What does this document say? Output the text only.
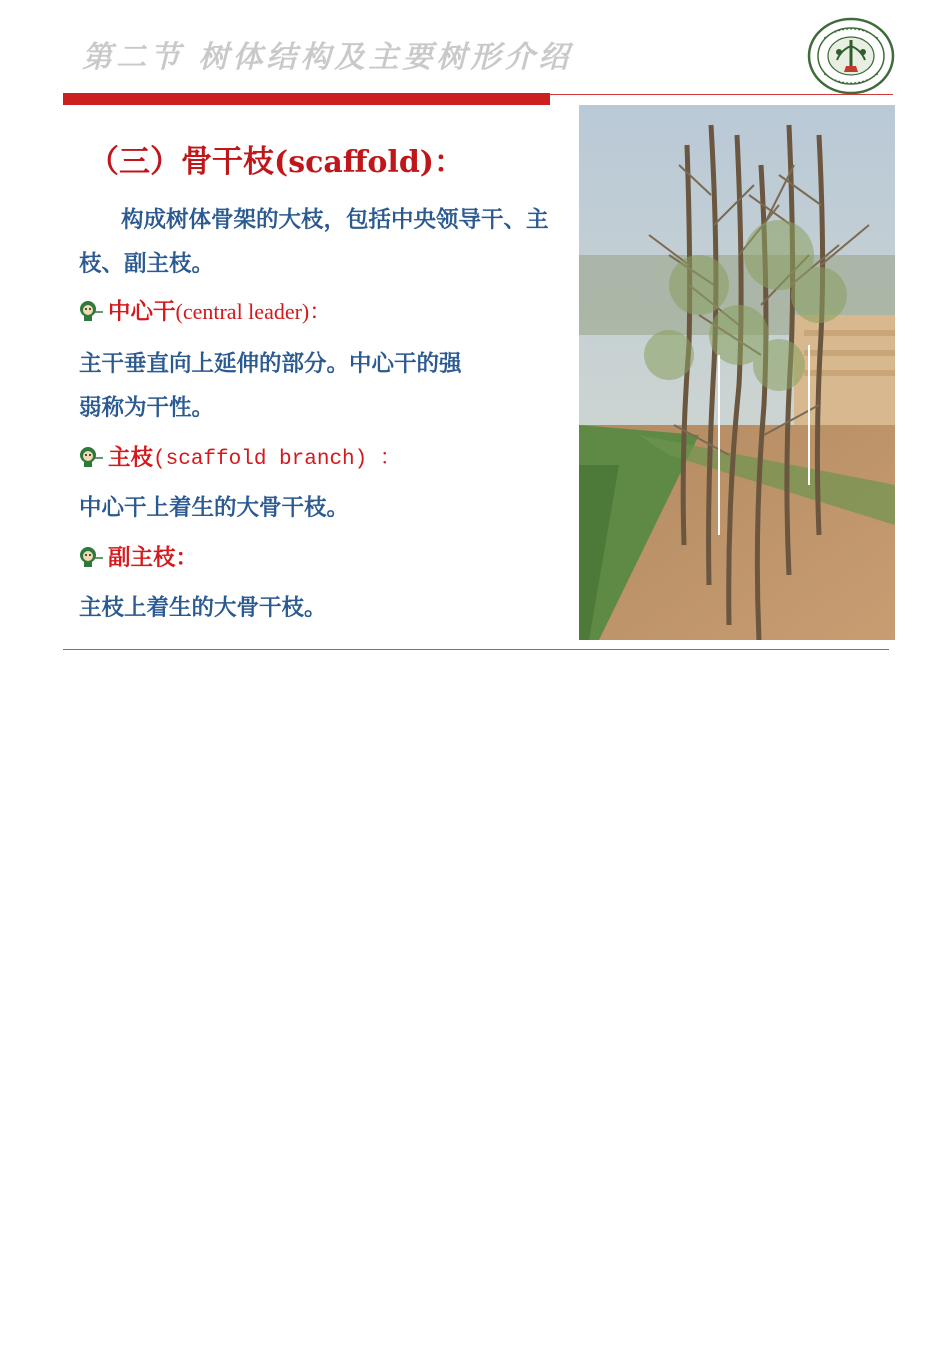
第二节 树体结构及主要树形介绍
（三）骨干枝(scaffold)：
构成树体骨架的大枝，包括中央领导干、主枝、副主枝。
中心干 (central leader)：
主干垂直向上延伸的部分。中心干的强
弱称为干性。
主枝 (scaffold branch) ：
中心干上着生的大骨干枝。
副主枝：
主枝上着生的大骨干枝。
